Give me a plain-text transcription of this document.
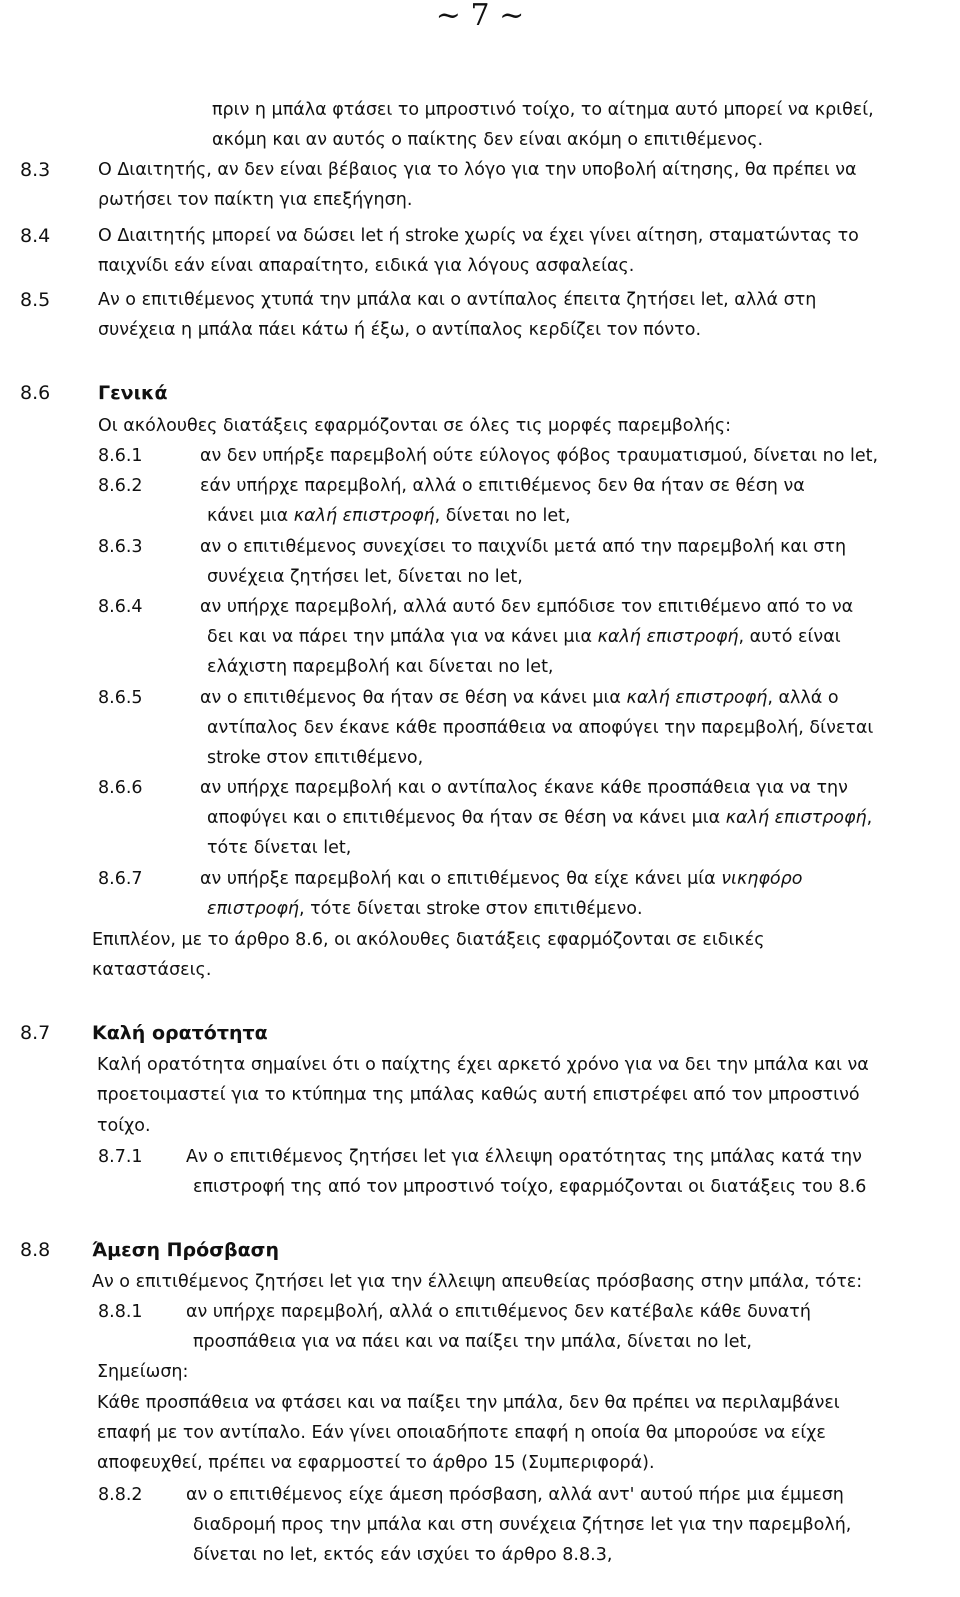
~ 7 ~
πριν η μπάλα φτάσει το μπροστινό τοίχο, το αίτημα αυτό μπορεί να κριθεί,
ακόμη και αν αυτός ο παίκτης δεν είναι ακόμη ο επιτιθέμενος.
8.3	Ο Διαιτητής, αν δεν είναι βέβαιος για το λόγο για την υποβολή αίτησης, θα πρέπει να
ρωτήσει τον παίκτη για επεξήγηση.
8.4	Ο Διαιτητής μπορεί να δώσει let ή stroke χωρίς να έχει γίνει αίτηση, σταματώντας το
παιχνίδι εάν είναι απαραίτητο, ειδικά για λόγους ασφαλείας.
8.5	Αν ο επιτιθέμενος χτυπά την μπάλα και ο αντίπαλος έπειτα ζητήσει let, αλλά στη
συνέχεια η μπάλα πάει κάτω ή έξω, ο αντίπαλος κερδίζει τον πόντο.
8.6	Γενικά
Οι ακόλουθες διατάξεις εφαρμόζονται σε όλες τις μορφές παρεμβολής:
8.6.1	αν δεν υπήρξε παρεμβολή ούτε εύλογος φόβος τραυματισμού, δίνεται no let,
8.6.2	εάν υπήρχε παρεμβολή, αλλά ο επιτιθέμενος δεν θα ήταν σε θέση να
κάνει μια καλή επιστροφή, δίνεται no let,
8.6.3	αν ο επιτιθέμενος συνεχίσει το παιχνίδι μετά από την παρεμβολή και στη
συνέχεια ζητήσει let, δίνεται no let,
8.6.4	αν υπήρχε παρεμβολή, αλλά αυτό δεν εμπόδισε τον επιτιθέμενο από το να
δει και να πάρει την μπάλα για να κάνει μια καλή επιστροφή, αυτό είναι
ελάχιστη παρεμβολή και δίνεται no let,
8.6.5	αν ο επιτιθέμενος θα ήταν σε θέση να κάνει μια καλή επιστροφή, αλλά ο
αντίπαλος δεν έκανε κάθε προσπάθεια να αποφύγει την παρεμβολή, δίνεται
stroke στον επιτιθέμενο,
8.6.6	αν υπήρχε παρεμβολή και ο αντίπαλος έκανε κάθε προσπάθεια για να την
αποφύγει και ο επιτιθέμενος θα ήταν σε θέση να κάνει μια καλή επιστροφή,
τότε δίνεται let,
8.6.7	αν υπήρξε παρεμβολή και ο επιτιθέμενος θα είχε κάνει μία νικηφόρο
επιστροφή, τότε δίνεται stroke στον επιτιθέμενο.
Επιπλέον, με το άρθρο 8.6, οι ακόλουθες διατάξεις εφαρμόζονται σε ειδικές
καταστάσεις.
8.7 Καλή ορατότητα
Καλή ορατότητα σημαίνει ότι ο παίχτης έχει αρκετό χρόνο για να δει την μπάλα και να
προετοιμαστεί για το κτύπημα της μπάλας καθώς αυτή επιστρέφει από τον μπροστινό
τοίχο.
8.7.1 Αν ο επιτιθέμενος ζητήσει let για έλλειψη ορατότητας της μπάλας κατά την
επιστροφή της από τον μπροστινό τοίχο, εφαρμόζονται οι διατάξεις του 8.6
8.8 Άμεση Πρόσβαση
Αν ο επιτιθέμενος ζητήσει let για την έλλειψη απευθείας πρόσβασης στην μπάλα, τότε:
8.8.1 αν υπήρχε παρεμβολή, αλλά ο επιτιθέμενος δεν κατέβαλε κάθε δυνατή
προσπάθεια για να πάει και να παίξει την μπάλα, δίνεται no let,
Σημείωση:
Κάθε προσπάθεια να φτάσει και να παίξει την μπάλα, δεν θα πρέπει να περιλαμβάνει
επαφή με τον αντίπαλο. Εάν γίνει οποιαδήποτε επαφή η οποία θα μπορούσε να είχε
αποφευχθεί, πρέπει να εφαρμοστεί το άρθρο 15 (Συμπεριφορά).
8.8.2 αν ο επιτιθέμενος είχε άμεση πρόσβαση, αλλά αντ' αυτού πήρε μια έμμεση
διαδρομή προς την μπάλα και στη συνέχεια ζήτησε let για την παρεμβολή,
δίνεται no let, εκτός εάν ισχύει το άρθρο 8.8.3,
